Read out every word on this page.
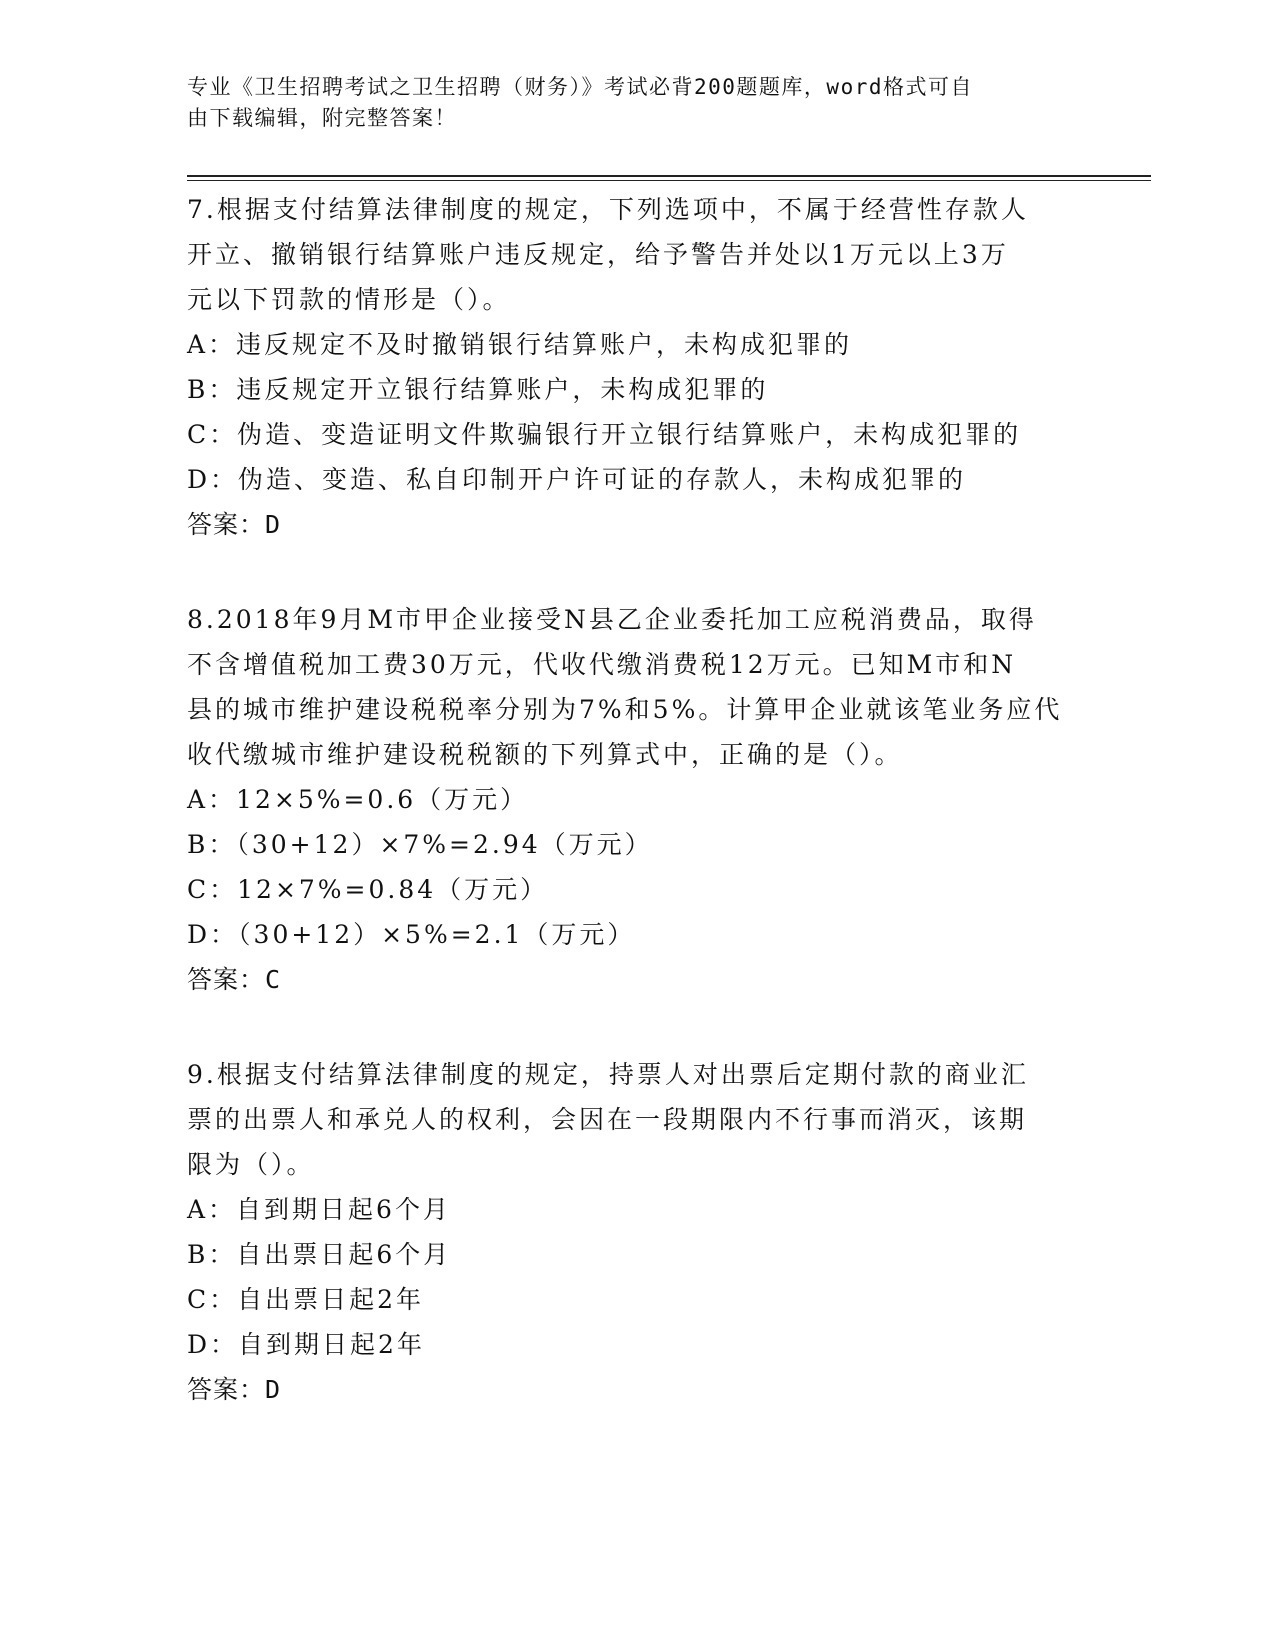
专业《卫生招聘考试之卫生招聘（财务）》考试必背200题题库，word格式可自
由下载编辑，附完整答案！

7.根据支付结算法律制度的规定，下列选项中，不属于经营性存款人

开立、撤销银行结算账户违反规定，给予警告并处以1万元以上3万

元以下罚款的情形是（）。

A：违反规定不及时撤销银行结算账户，未构成犯罪的

B：违反规定开立银行结算账户，未构成犯罪的

C：伪造、变造证明文件欺骗银行开立银行结算账户，未构成犯罪的

D：伪造、变造、私自印制开户许可证的存款人，未构成犯罪的

答案：D

8.2018年9月M市甲企业接受N县乙企业委托加工应税消费品，取得

不含增值税加工费30万元，代收代缴消费税12万元。已知M市和N

县的城市维护建设税税率分别为7%和5%。计算甲企业就该笔业务应代

收代缴城市维护建设税税额的下列算式中，正确的是（）。

A：12×5%=0.6（万元）

B：（30+12）×7%=2.94（万元）

C：12×7%=0.84（万元）

D：（30+12）×5%=2.1（万元）

答案：C

9.根据支付结算法律制度的规定，持票人对出票后定期付款的商业汇

票的出票人和承兑人的权利，会因在一段期限内不行事而消灭，该期

限为（）。

A：自到期日起6个月

B：自出票日起6个月

C：自出票日起2年

D：自到期日起2年

答案：D
